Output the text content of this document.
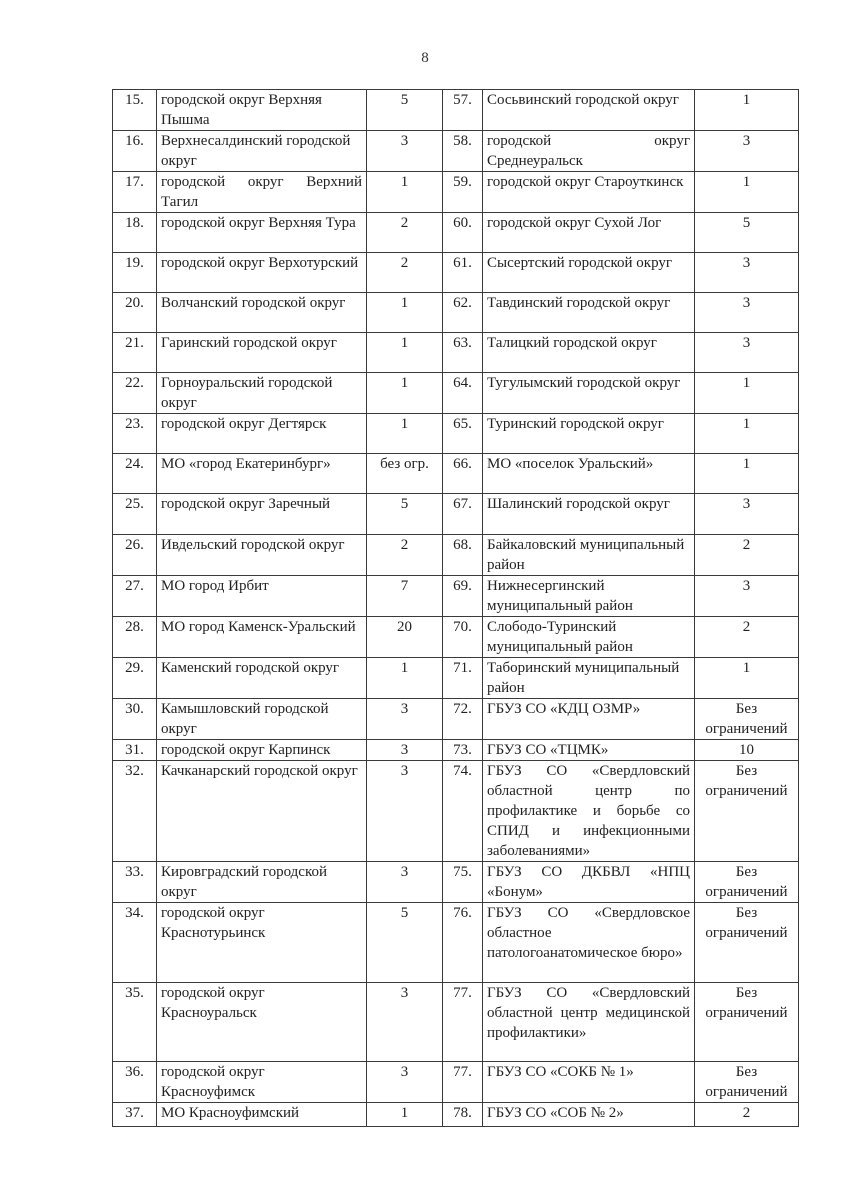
8
15.	городской округ Верхняя Пышма	5	57.	Сосьвинский городской округ	1
16.	Верхнесалдинский городской округ	3	58.	городской округ Среднеуральск	3
17.	городской округ Верхний Тагил	1	59.	городской округ Староуткинск	1
18.	городской округ Верхняя Тура	2	60.	городской округ Сухой Лог	5
19.	городской округ Верхотурский	2	61.	Сысертский городской округ	3
20.	Волчанский городской округ	1	62.	Тавдинский городской округ	3
21.	Гаринский городской округ	1	63.	Талицкий городской округ	3
22.	Горноуральский городской округ	1	64.	Тугулымский городской округ	1
23.	городской округ Дегтярск	1	65.	Туринский городской округ	1
24.	МО «город Екатеринбург»	без огр.	66.	МО «поселок Уральский»	1
25.	городской округ Заречный	5	67.	Шалинский городской округ	3
26.	Ивдельский городской округ	2	68.	Байкаловский муниципальный район	2
27.	МО город Ирбит	7	69.	Нижнесергинский муниципальный район	3
28.	МО город Каменск-Уральский	20	70.	Слободо-Туринский муниципальный район	2
29.	Каменский городской округ	1	71.	Таборинский муниципальный район	1
30.	Камышловский городской округ	3	72.	ГБУЗ СО «КДЦ ОЗМР»	Без ограничений
31.	городской округ Карпинск	3	73.	ГБУЗ СО «ТЦМК»	10
32.	Качканарский городской округ	3	74.	ГБУЗ СО «Свердловский областной центр по профилактике и борьбе со СПИД и инфекционными заболеваниями»	Без ограничений
33.	Кировградский городской округ	3	75.	ГБУЗ СО ДКБВЛ «НПЦ «Бонум»	Без ограничений
34.	городской округ Краснотурьинск	5	76.	ГБУЗ СО «Свердловское областное патологоанатомическое бюро»	Без ограничений
35.	городской округ Красноуральск	3	77.	ГБУЗ СО «Свердловский областной центр медицинской профилактики»	Без ограничений
36.	городской округ Красноуфимск	3	77.	ГБУЗ СО «СОКБ № 1»	Без ограничений
37.	МО Красноуфимский	1	78.	ГБУЗ СО «СОБ № 2»	2
